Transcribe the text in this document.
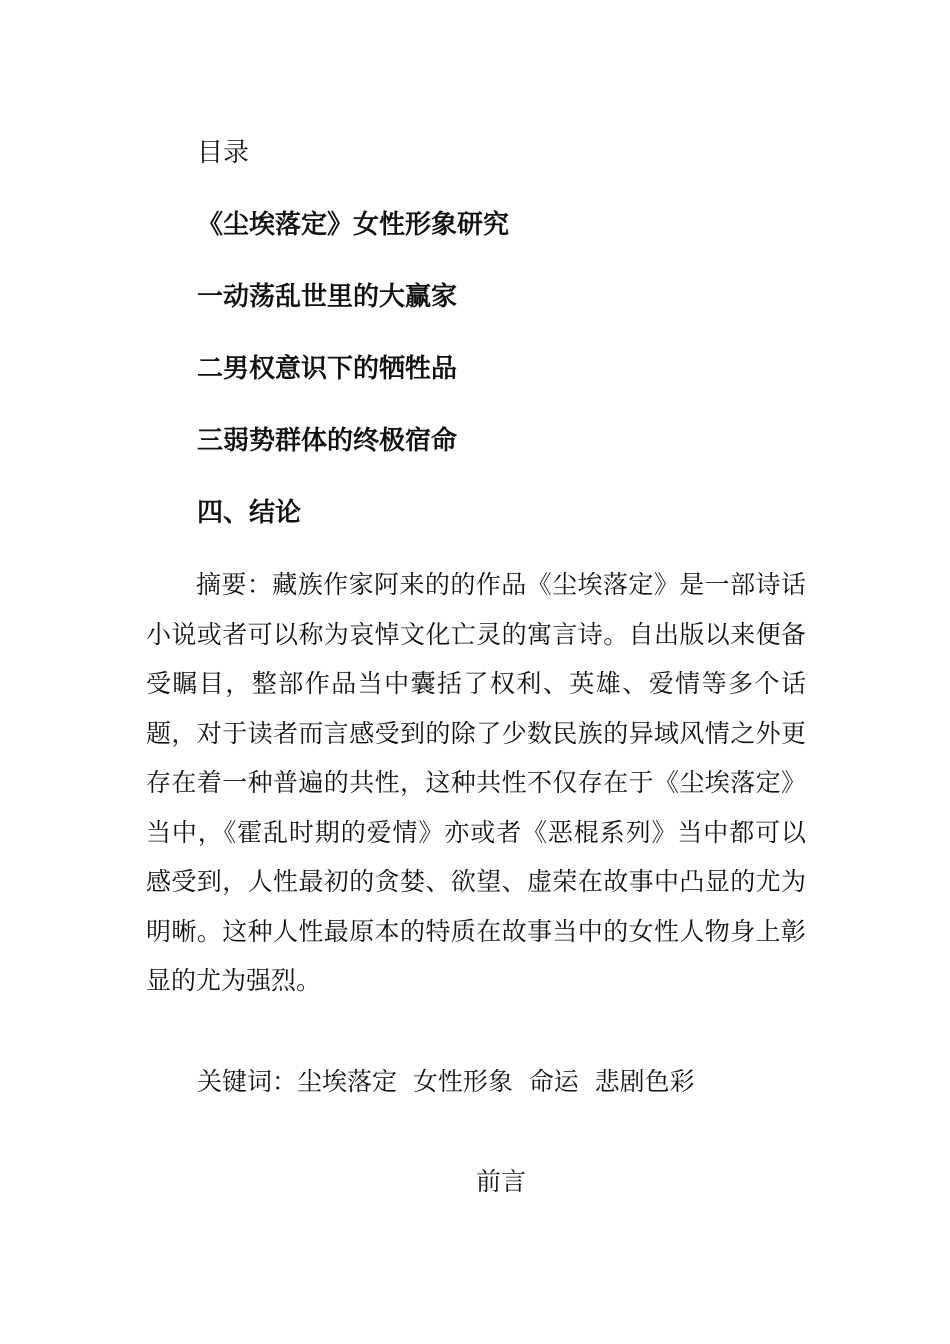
目录
《尘埃落定》女性形象研究
一动荡乱世里的大赢家
二男权意识下的牺牲品
三弱势群体的终极宿命
四、结论
摘要：藏族作家阿来的的作品《尘埃落定》是一部诗话小说或者可以称为哀悼文化亡灵的寓言诗。自出版以来便备受瞩目，整部作品当中囊括了权利、英雄、爱情等多个话题，对于读者而言感受到的除了少数民族的异域风情之外更存在着一种普遍的共性，这种共性不仅存在于《尘埃落定》当中，《霍乱时期的爱情》亦或者《恶棍系列》当中都可以感受到，人性最初的贪婪、欲望、虚荣在故事中凸显的尤为明晰。这种人性最原本的特质在故事当中的女性人物身上彰显的尤为强烈。
关键词：尘埃落定  女性形象  命运  悲剧色彩
前言
